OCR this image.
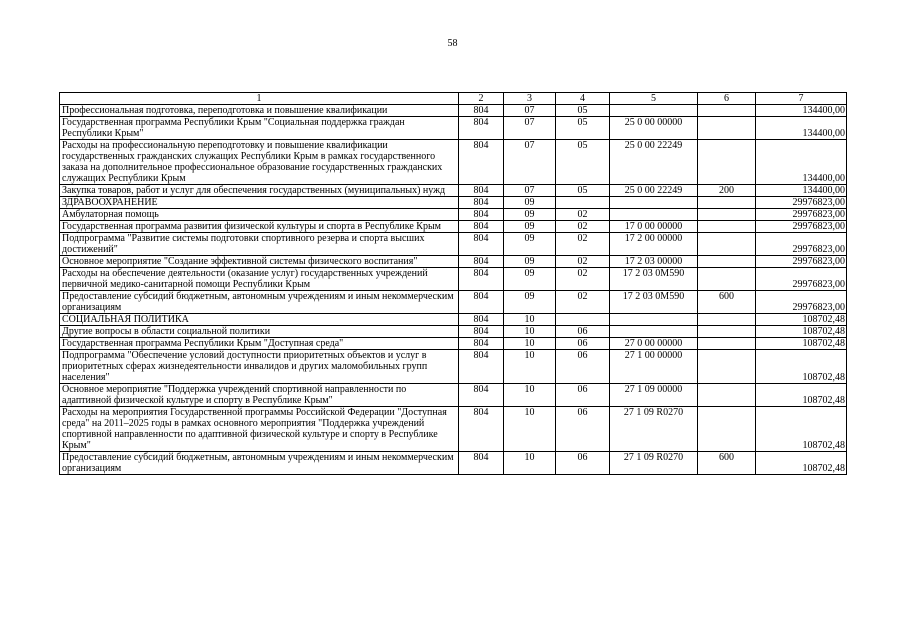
58
1	2	3	4	5	6	7
Профессиональная подготовка, переподготовка и повышение квалификации	804	07	05			134400,00
Государственная программа Республики Крым "Социальная поддержка граждан Республики Крым"	804	07	05	25 0 00 00000		134400,00
Расходы на профессиональную переподготовку и повышение квалификации государственных гражданских служащих Республики Крым в рамках государственного заказа на дополнительное профессиональное образование государственных гражданских служащих Республики Крым	804	07	05	25 0 00 22249		134400,00
Закупка товаров, работ и услуг для обеспечения государственных (муниципальных) нужд	804	07	05	25 0 00 22249	200	134400,00
ЗДРАВООХРАНЕНИЕ	804	09				29976823,00
Амбулаторная помощь	804	09	02			29976823,00
Государственная программа развития физической культуры и спорта в Республике Крым	804	09	02	17 0 00 00000		29976823,00
Подпрограмма "Развитие системы подготовки спортивного резерва и спорта высших достижений"	804	09	02	17 2 00 00000		29976823,00
Основное мероприятие "Создание эффективной системы физического воспитания"	804	09	02	17 2 03 00000		29976823,00
Расходы на обеспечение деятельности (оказание услуг) государственных учреждений первичной медико-санитарной помощи Республики Крым	804	09	02	17 2 03 0М590		29976823,00
Предоставление субсидий бюджетным, автономным учреждениям и иным некоммерческим организациям	804	09	02	17 2 03 0М590	600	29976823,00
СОЦИАЛЬНАЯ ПОЛИТИКА	804	10				108702,48
Другие вопросы в области социальной политики	804	10	06			108702,48
Государственная программа Республики Крым "Доступная среда"	804	10	06	27 0 00 00000		108702,48
Подпрограмма "Обеспечение условий доступности приоритетных объектов и услуг в приоритетных сферах жизнедеятельности инвалидов и других маломобильных групп населения"	804	10	06	27 1 00 00000		108702,48
Основное мероприятие "Поддержка учреждений спортивной направленности по адаптивной физической культуре и спорту в Республике Крым"	804	10	06	27 1 09 00000		108702,48
Расходы на мероприятия Государственной программы Российской Федерации "Доступная среда" на 2011–2025 годы в рамках основного мероприятия "Поддержка учреждений спортивной направленности по адаптивной физической культуре и спорту в Республике Крым"	804	10	06	27 1 09 R0270		108702,48
Предоставление субсидий бюджетным, автономным учреждениям и иным некоммерческим организациям	804	10	06	27 1 09 R0270	600	108702,48
